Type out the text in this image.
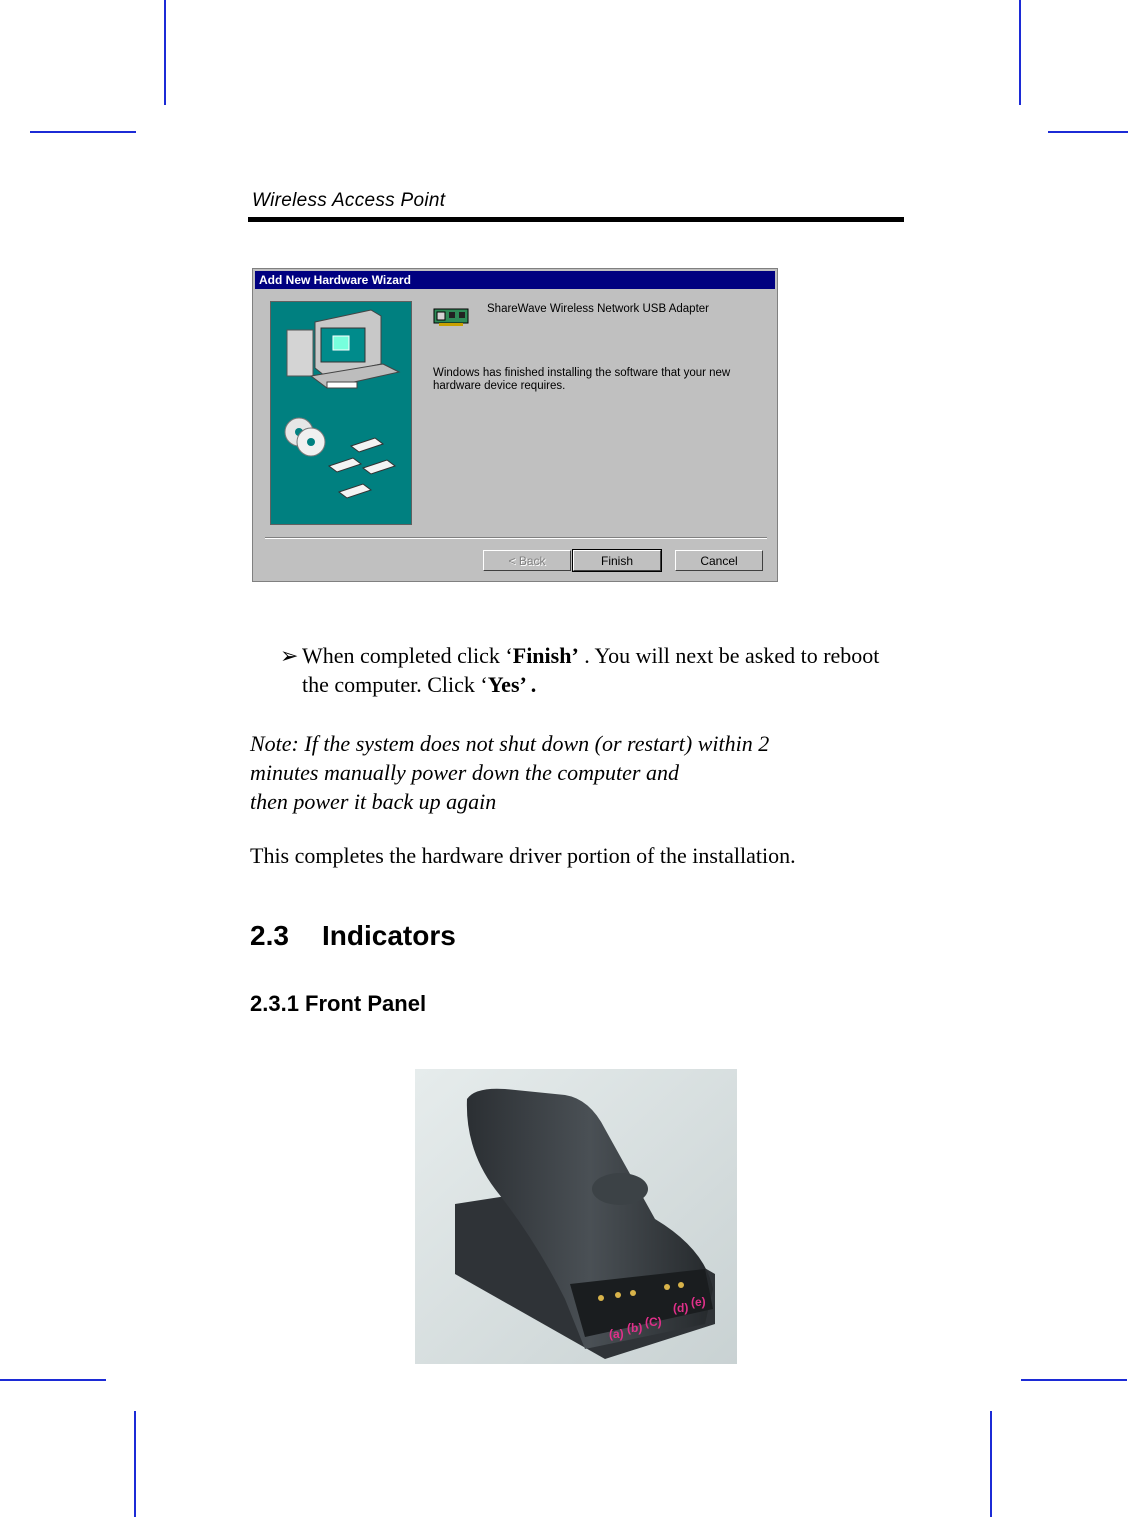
Wireless Access Point
Add New Hardware Wizard
ShareWave Wireless Network USB Adapter
Windows has finished installing the software that your new hardware device requires.
< Back	Finish	Cancel
➢ When completed click ‘Finish’ . You will next be asked to reboot the computer. Click ‘Yes’ .
Note: If the system does not shut down (or restart) within 2
minutes manually power down the computer and
then power it back up again
This completes the hardware driver portion of the installation.
2.3 Indicators
2.3.1 Front Panel
(a) (b) (C)
(d) (e)
